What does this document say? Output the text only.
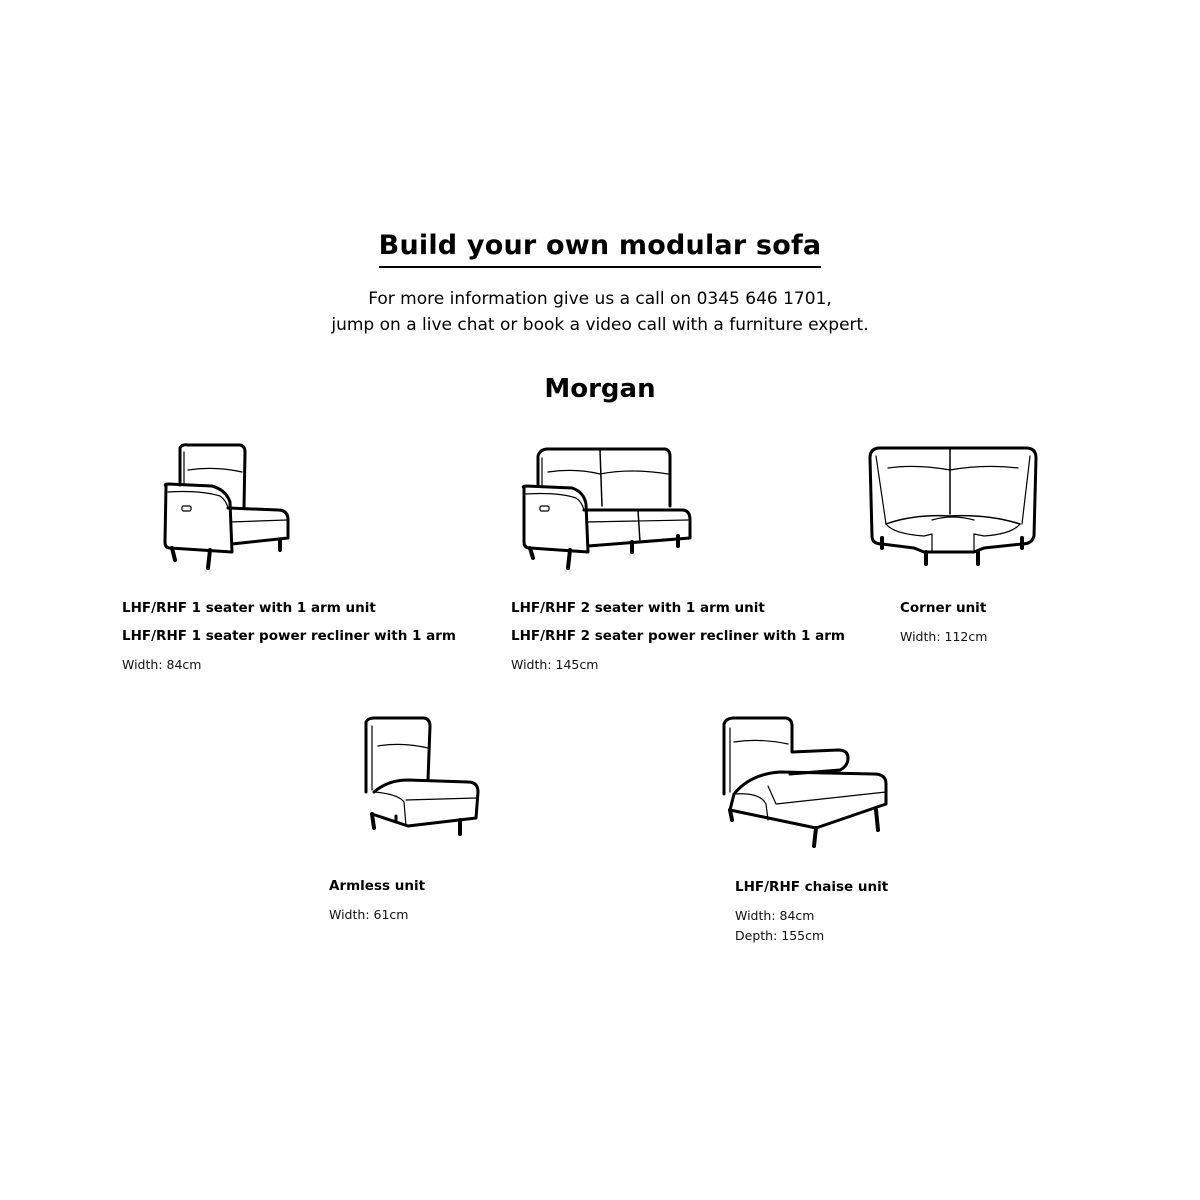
Build your own modular sofa
For more information give us a call on 0345 646 1701,
jump on a live chat or book a video call with a furniture expert.
Morgan
LHF/RHF 1 seater with 1 arm unit
LHF/RHF 1 seater power recliner with 1 arm
Width: 84cm
LHF/RHF 2 seater with 1 arm unit
LHF/RHF 2 seater power recliner with 1 arm
Width: 145cm
Corner unit
Width: 112cm
Armless unit
Width: 61cm
LHF/RHF chaise unit
Width: 84cm
Depth: 155cm
